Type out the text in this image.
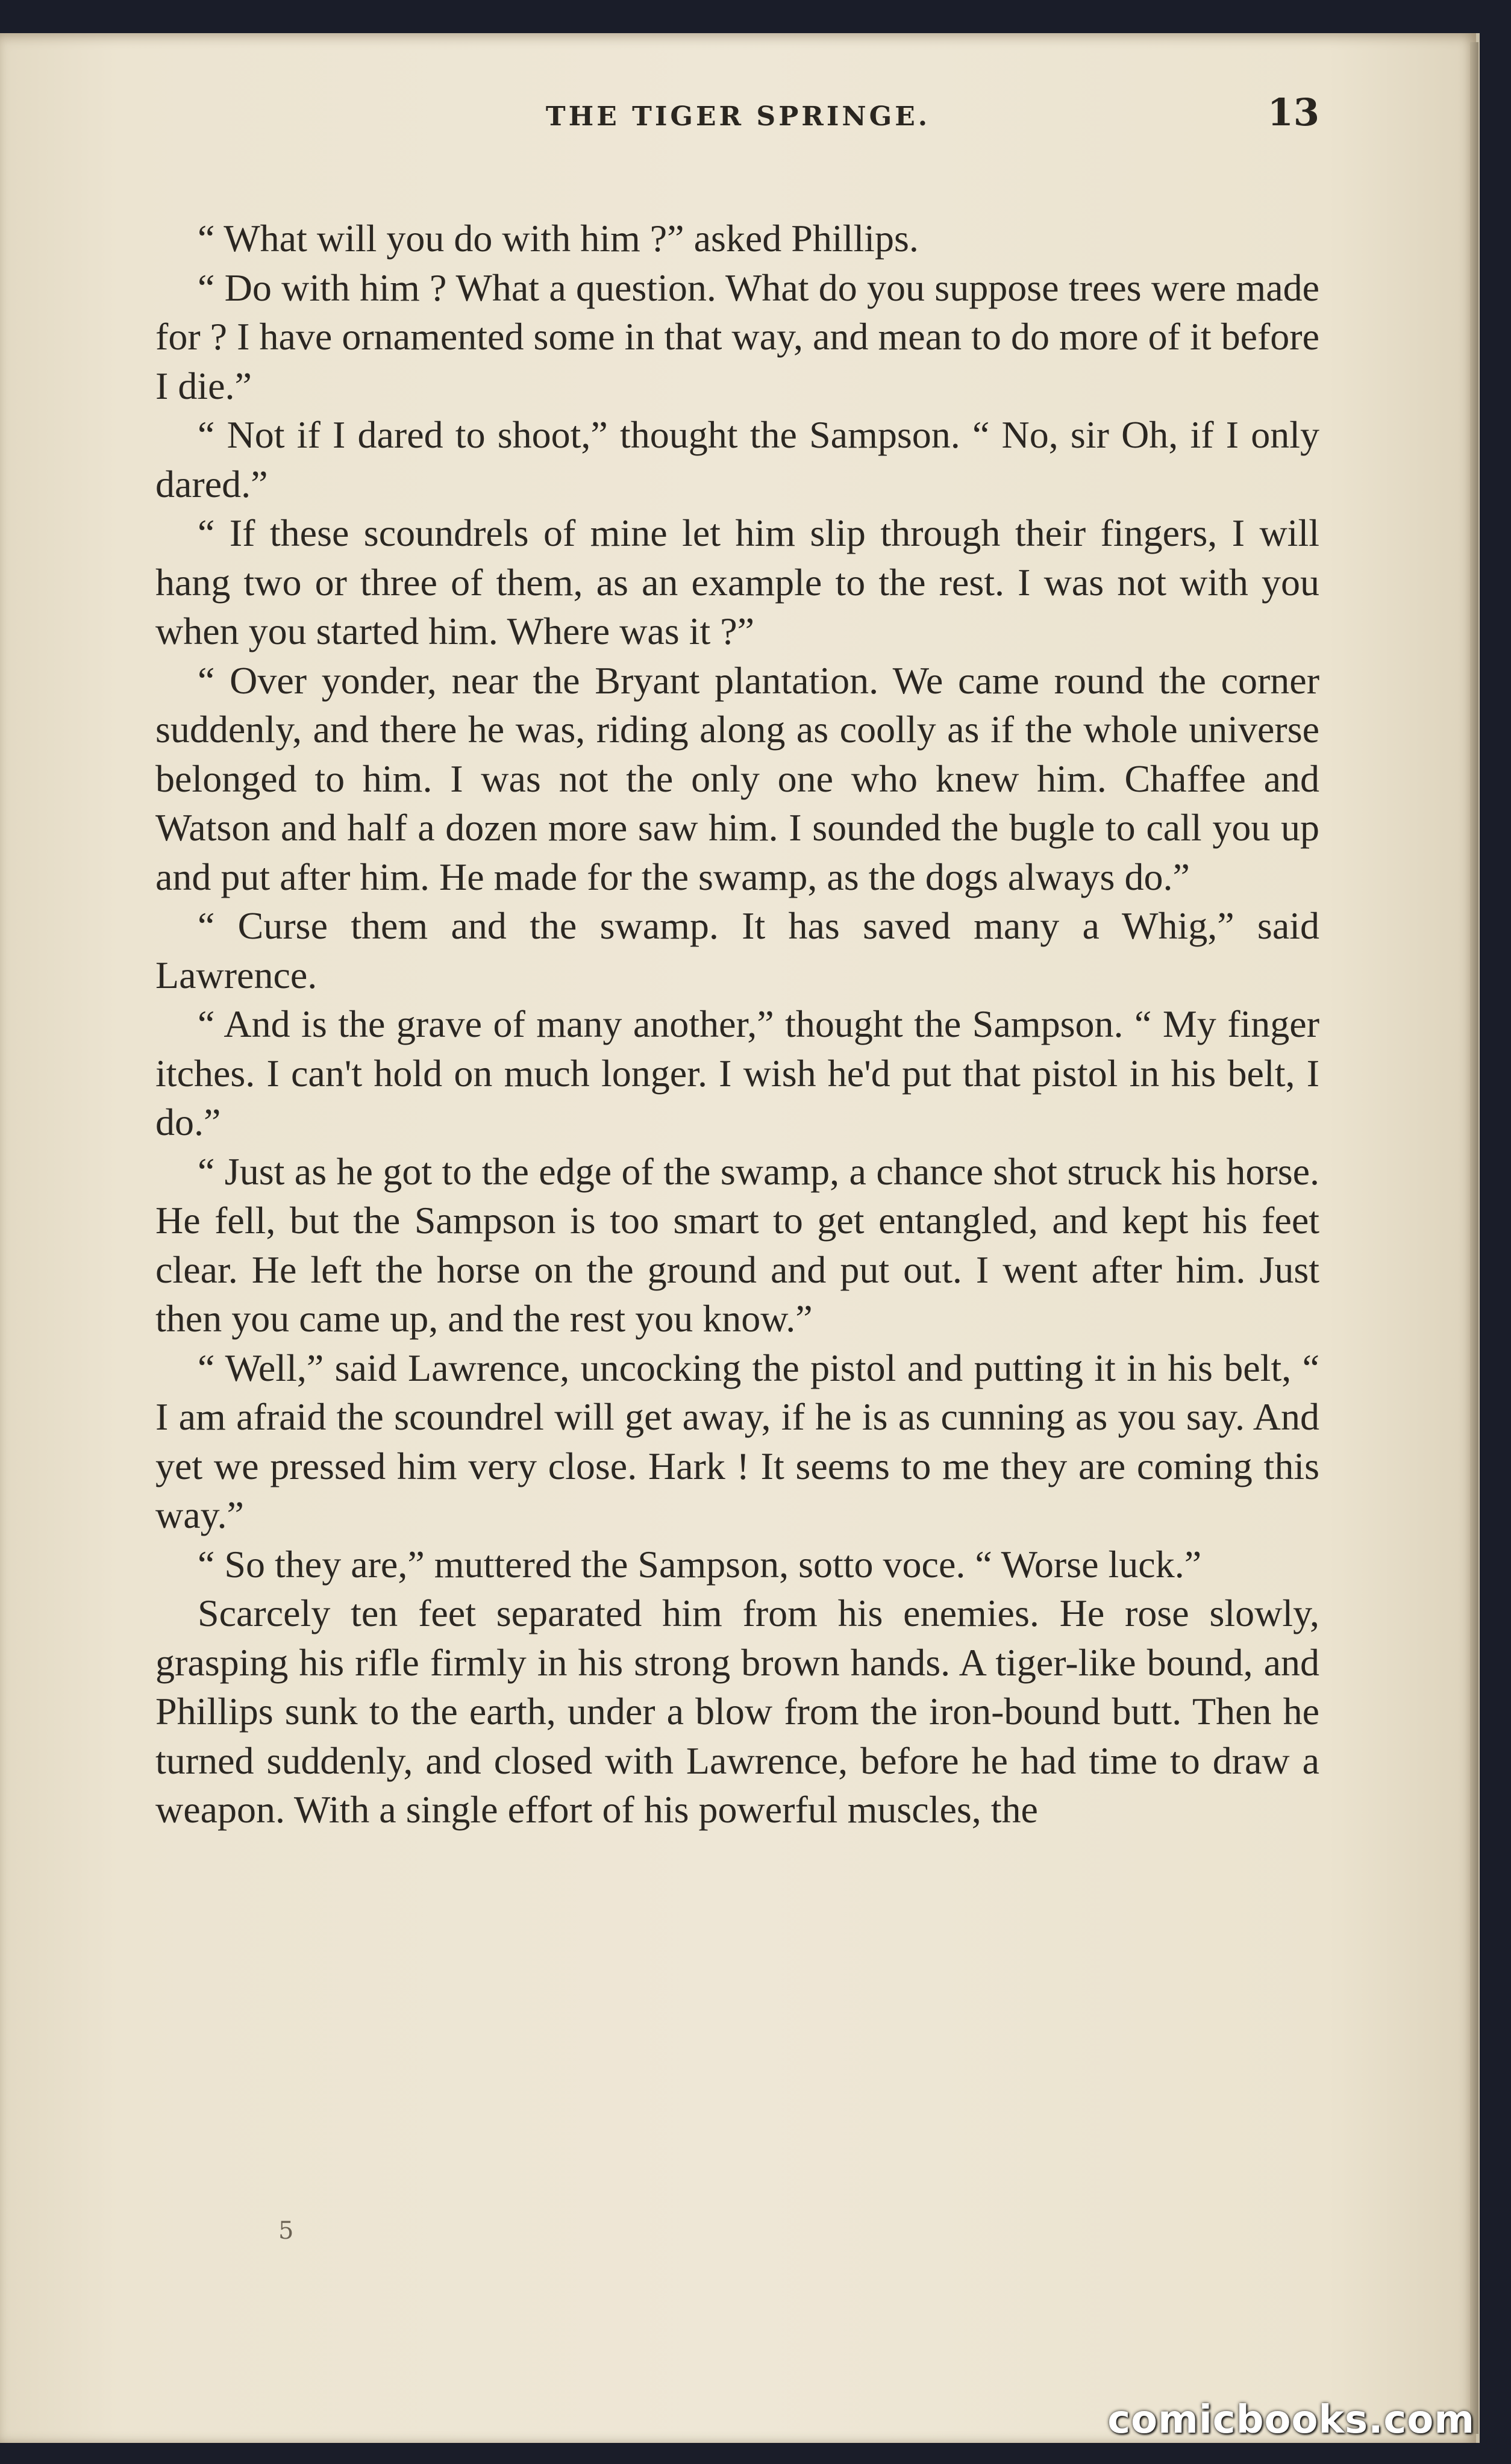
THE TIGER SPRINGE.	13

“ What will you do with him ?” asked Phillips.

“ Do with him ? What a question. What do you suppose trees were made for ? I have ornamented some in that way, and mean to do more of it before I die.”

“ Not if I dared to shoot,” thought the Sampson. “ No, sir Oh, if I only dared.”

“ If these scoundrels of mine let him slip through their fingers, I will hang two or three of them, as an example to the rest. I was not with you when you started him. Where was it ?”

“ Over yonder, near the Bryant plantation. We came round the corner suddenly, and there he was, riding along as coolly as if the whole universe belonged to him. I was not the only one who knew him. Chaffee and Watson and half a dozen more saw him. I sounded the bugle to call you up and put after him. He made for the swamp, as the dogs always do.”

“ Curse them and the swamp. It has saved many a Whig,” said Lawrence.

“ And is the grave of many another,” thought the Sampson. “ My finger itches. I can't hold on much longer. I wish he'd put that pistol in his belt, I do.”

“ Just as he got to the edge of the swamp, a chance shot struck his horse. He fell, but the Sampson is too smart to get entangled, and kept his feet clear. He left the horse on the ground and put out. I went after him. Just then you came up, and the rest you know.”

“ Well,” said Lawrence, uncocking the pistol and putting it in his belt, “ I am afraid the scoundrel will get away, if he is as cunning as you say. And yet we pressed him very close. Hark ! It seems to me they are coming this way.”

“ So they are,” muttered the Sampson, sotto voce. “ Worse luck.”

Scarcely ten feet separated him from his enemies. He rose slowly, grasping his rifle firmly in his strong brown hands. A tiger-like bound, and Phillips sunk to the earth, under a blow from the iron-bound butt. Then he turned suddenly, and closed with Lawrence, before he had time to draw a weapon. With a single effort of his powerful muscles, the

5
comicbooks.com
